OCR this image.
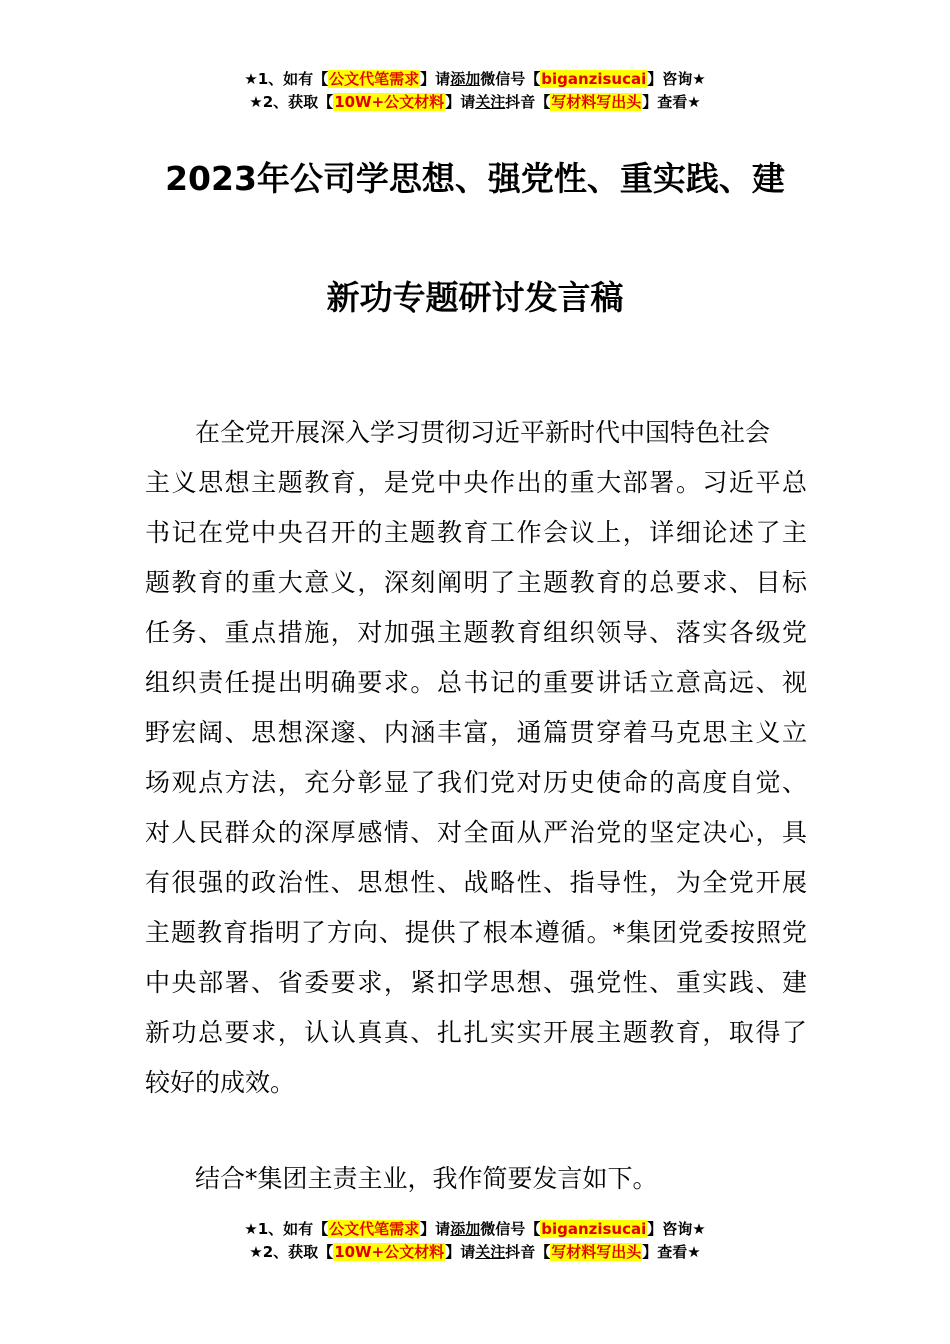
★1、如有【公文代笔需求】请添加微信号【biganzisucai】咨询★
★2、获取【10W+公文材料】请关注抖音【写材料写出头】查看★
2023年公司学思想、强党性、重实践、建
新功专题研讨发言稿
在全党开展深入学习贯彻习近平新时代中国特色社会
主义思想主题教育，是党中央作出的重大部署。习近平总
书记在党中央召开的主题教育工作会议上，详细论述了主
题教育的重大意义，深刻阐明了主题教育的总要求、目标
任务、重点措施，对加强主题教育组织领导、落实各级党
组织责任提出明确要求。总书记的重要讲话立意高远、视
野宏阔、思想深邃、内涵丰富，通篇贯穿着马克思主义立
场观点方法，充分彰显了我们党对历史使命的高度自觉、
对人民群众的深厚感情、对全面从严治党的坚定决心，具
有很强的政治性、思想性、战略性、指导性，为全党开展
主题教育指明了方向、提供了根本遵循。*集团党委按照党
中央部署、省委要求，紧扣学思想、强党性、重实践、建
新功总要求，认认真真、扎扎实实开展主题教育，取得了
较好的成效。
结合*集团主责主业，我作简要发言如下。
★1、如有【公文代笔需求】请添加微信号【biganzisucai】咨询★
★2、获取【10W+公文材料】请关注抖音【写材料写出头】查看★
